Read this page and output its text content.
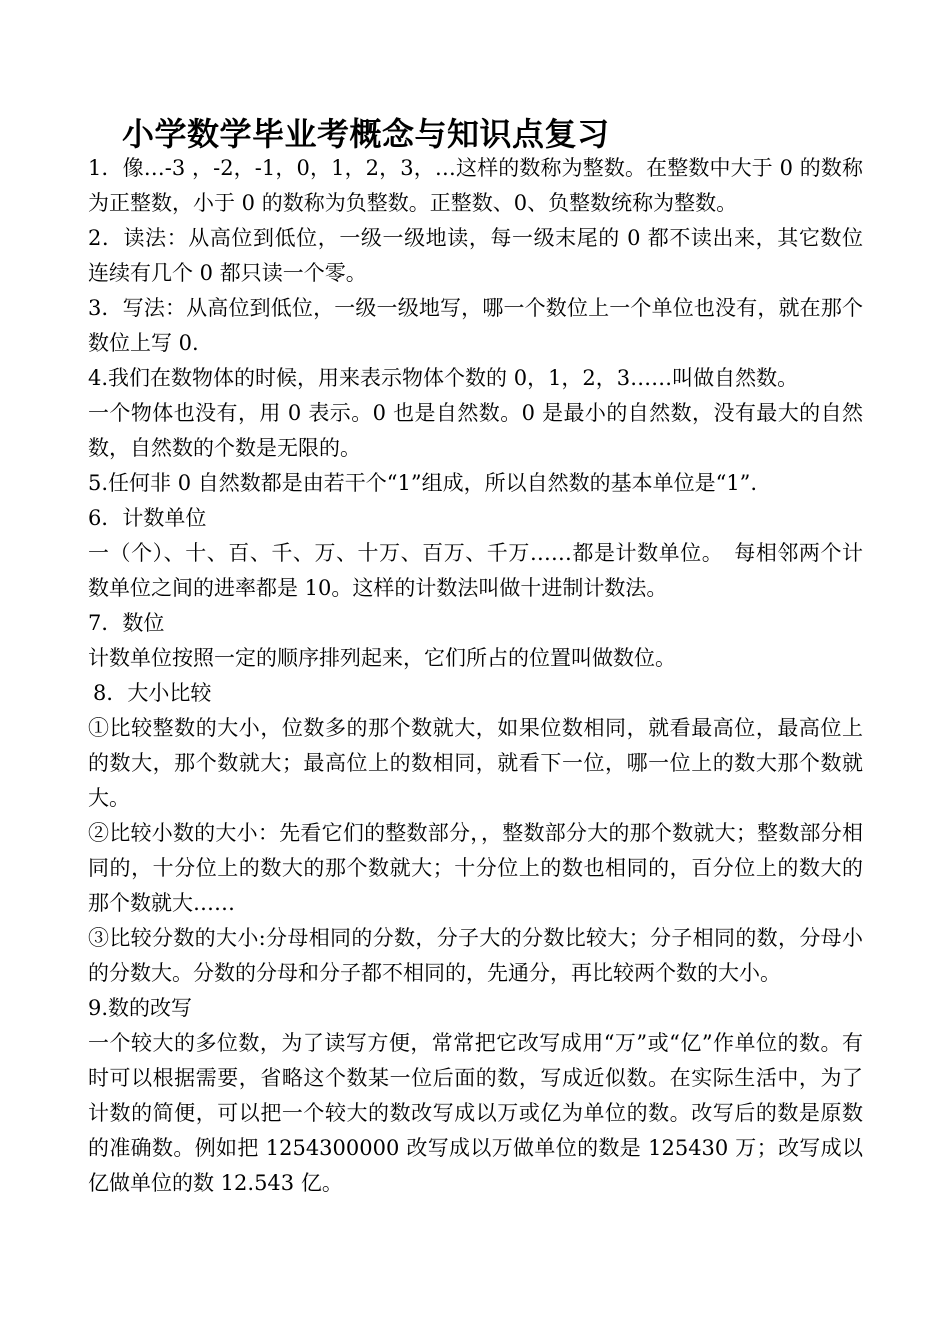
小学数学毕业考概念与知识点复习

1．像…-3 ，-2，-1，0，1，2，3，…这样的数称为整数。在整数中大于 0 的数称为正整数，小于 0 的数称为负整数。正整数、0、负整数统称为整数。

2．读法：从高位到低位，一级一级地读，每一级末尾的 0 都不读出来，其它数位连续有几个 0 都只读一个零。

3．写法：从高位到低位，一级一级地写，哪一个数位上一个单位也没有，就在那个数位上写 0.

4.我们在数物体的时候，用来表示物体个数的 0，1，2，3……叫做自然数。

一个物体也没有，用 0 表示。0 也是自然数。0 是最小的自然数，没有最大的自然数，自然数的个数是无限的。

5.任何非 0 自然数都是由若干个“1”组成，所以自然数的基本单位是“1”.

6．计数单位

一（个）、十、百、千、万、十万、百万、千万……都是计数单位。　每相邻两个计数单位之间的进率都是 10。这样的计数法叫做十进制计数法。

7．数位

计数单位按照一定的顺序排列起来，它们所占的位置叫做数位。

8．大小比较

①比较整数的大小，位数多的那个数就大，如果位数相同，就看最高位，最高位上的数大，那个数就大；最高位上的数相同，就看下一位，哪一位上的数大那个数就大。

②比较小数的大小：先看它们的整数部分，，整数部分大的那个数就大；整数部分相同的，十分位上的数大的那个数就大；十分位上的数也相同的，百分位上的数大的那个数就大……

③比较分数的大小:分母相同的分数，分子大的分数比较大；分子相同的数，分母小的分数大。分数的分母和分子都不相同的，先通分，再比较两个数的大小。

9.数的改写

一个较大的多位数，为了读写方便，常常把它改写成用“万”或“亿”作单位的数。有时可以根据需要，省略这个数某一位后面的数，写成近似数。在实际生活中，为了计数的简便，可以把一个较大的数改写成以万或亿为单位的数。改写后的数是原数的准确数。例如把 1254300000 改写成以万做单位的数是 125430 万；改写成以亿做单位的数 12.543 亿。
